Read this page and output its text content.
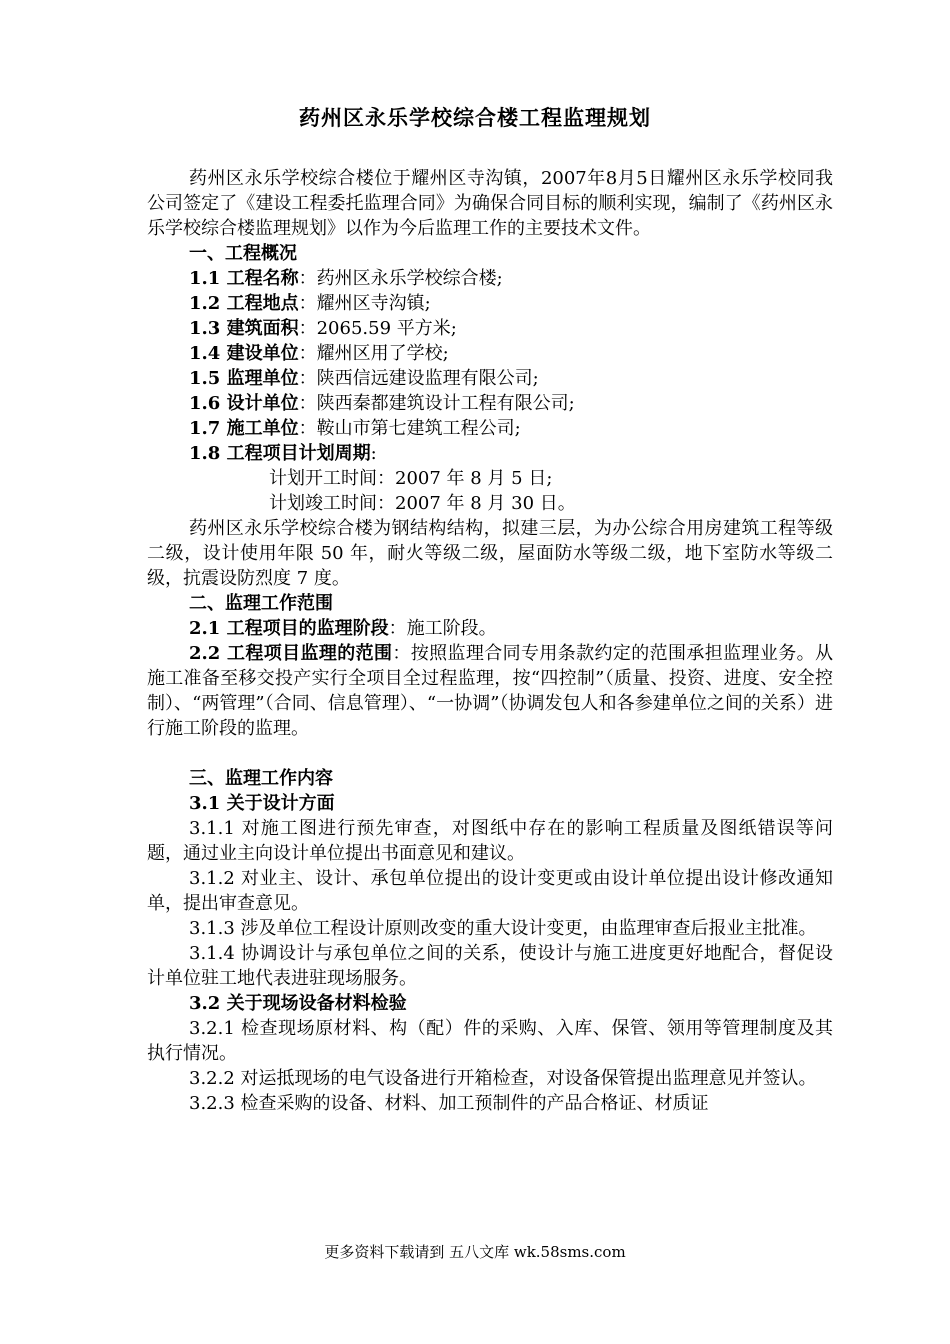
药州区永乐学校综合楼工程监理规划

药州区永乐学校综合楼位于耀州区寺沟镇，2007年8月5日耀州区永乐学校同我公司签定了《建设工程委托监理合同》为确保合同目标的顺利实现，编制了《药州区永乐学校综合楼监理规划》以作为今后监理工作的主要技术文件。

一、工程概况

1.1 工程名称：药州区永乐学校综合楼;

1.2 工程地点：耀州区寺沟镇;

1.3 建筑面积：2065.59 平方米;

1.4 建设单位：耀州区用了学校;

1.5 监理单位：陕西信远建设监理有限公司;

1.6 设计单位：陕西秦都建筑设计工程有限公司;

1.7 施工单位：鞍山市第七建筑工程公司;

1.8 工程项目计划周期:

计划开工时间：2007 年 8 月 5 日;

计划竣工时间：2007 年 8 月 30 日。

药州区永乐学校综合楼为钢结构结构，拟建三层，为办公综合用房建筑工程等级二级，设计使用年限 50 年，耐火等级二级，屋面防水等级二级，地下室防水等级二级，抗震设防烈度 7 度。

二、监理工作范围

2.1 工程项目的监理阶段：施工阶段。

2.2 工程项目监理的范围：按照监理合同专用条款约定的范围承担监理业务。从施工准备至移交投产实行全项目全过程监理，按“四控制”（质量、投资、进度、安全控制）、“两管理”（合同、信息管理）、“一协调”（协调发包人和各参建单位之间的关系）进行施工阶段的监理。

三、监理工作内容

3.1 关于设计方面

3.1.1 对施工图进行预先审查，对图纸中存在的影响工程质量及图纸错误等问题，通过业主向设计单位提出书面意见和建议。

3.1.2 对业主、设计、承包单位提出的设计变更或由设计单位提出设计修改通知单，提出审查意见。

3.1.3 涉及单位工程设计原则改变的重大设计变更，由监理审查后报业主批准。

3.1.4 协调设计与承包单位之间的关系，使设计与施工进度更好地配合，督促设计单位驻工地代表进驻现场服务。

3.2 关于现场设备材料检验

3.2.1 检查现场原材料、构（配）件的采购、入库、保管、领用等管理制度及其执行情况。

3.2.2 对运抵现场的电气设备进行开箱检查，对设备保管提出监理意见并签认。

3.2.3 检查采购的设备、材料、加工预制件的产品合格证、材质证

更多资料下载请到 五八文库 wk.58sms.com
